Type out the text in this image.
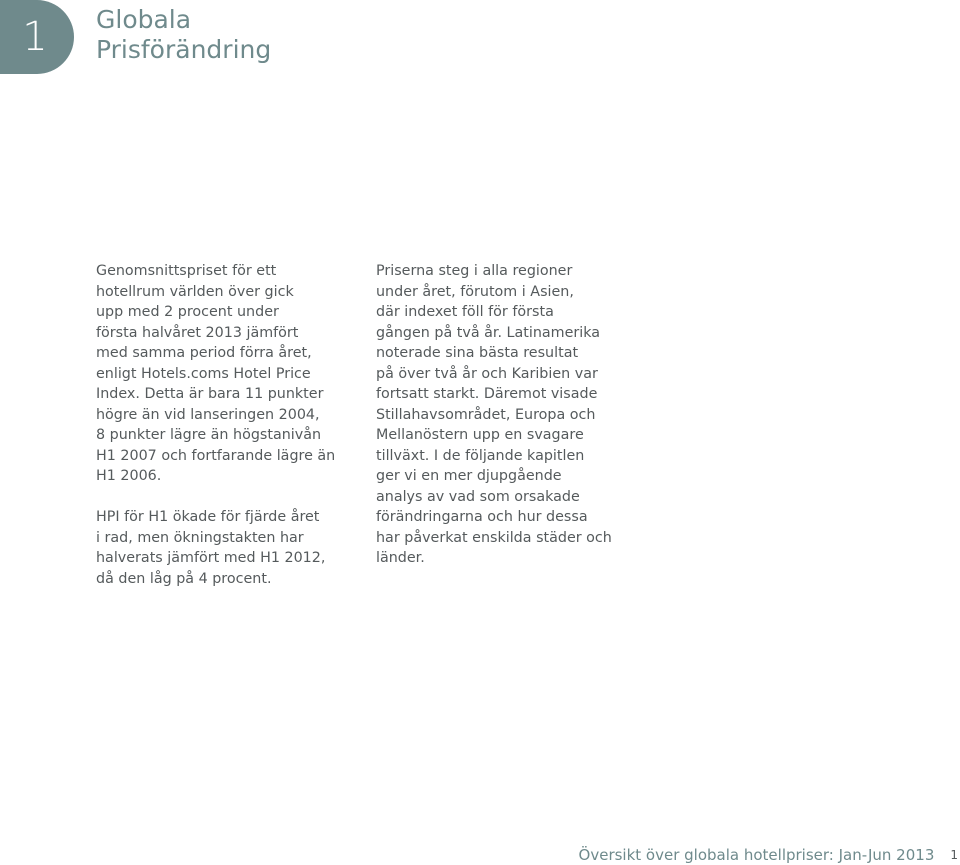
1 Globala
Prisförändring

Genomsnittspriset för ett
hotellrum världen över gick
upp med 2 procent under
första halvåret 2013 jämfört
med samma period förra året,
enligt Hotels.coms Hotel Price
Index. Detta är bara 11 punkter
högre än vid lanseringen 2004,
8 punkter lägre än högstanivån
H1 2007 och fortfarande lägre än
H1 2006.

HPI för H1 ökade för fjärde året
i rad, men ökningstakten har
halverats jämfört med H1 2012,
då den låg på 4 procent.

Priserna steg i alla regioner
under året, förutom i Asien,
där indexet föll för första
gången på två år. Latinamerika
noterade sina bästa resultat
på över två år och Karibien var
fortsatt starkt. Däremot visade
Stillahavsområdet, Europa och
Mellanöstern upp en svagare
tillväxt. I de följande kapitlen
ger vi en mer djupgående
analys av vad som orsakade
förändringarna och hur dessa
har påverkat enskilda städer och
länder.

Översikt över globala hotellpriser: Jan-Jun 2013 1
